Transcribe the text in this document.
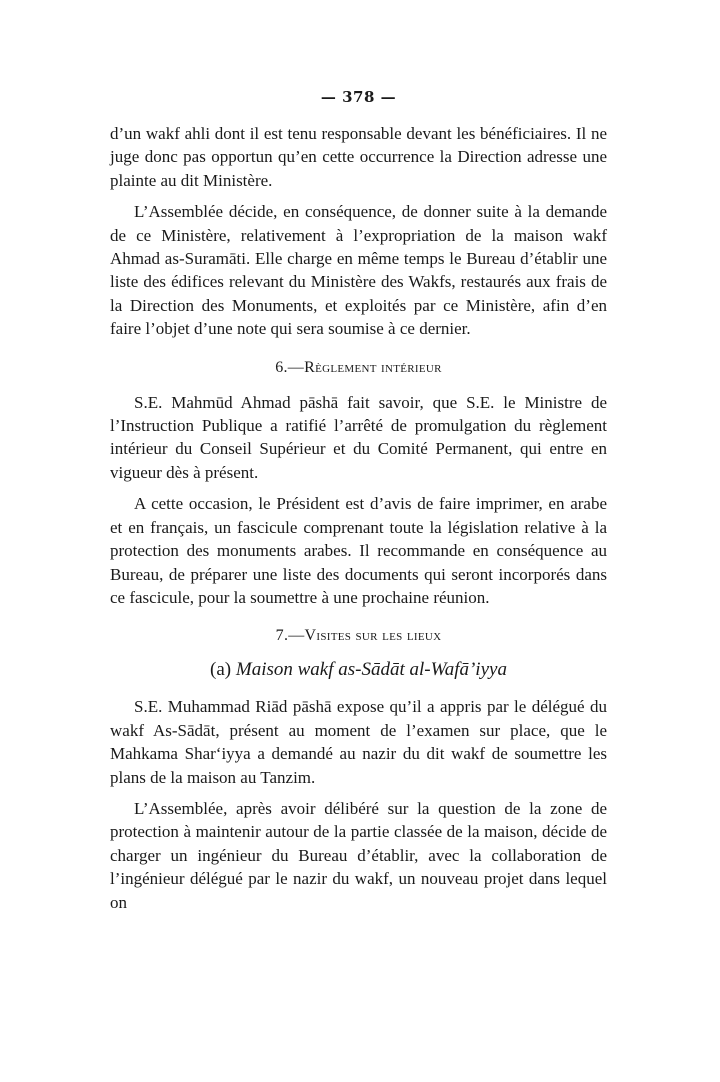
— 378 —

d’un wakf ahli dont il est tenu responsable devant les bénéficiaires. Il ne juge donc pas opportun qu’en cette occurrence la Direction adresse une plainte au dit Ministère.

L’Assemblée décide, en conséquence, de donner suite à la demande de ce Ministère, relativement à l’expropriation de la maison wakf Ahmad as-Suramāti. Elle charge en même temps le Bureau d’établir une liste des édifices relevant du Ministère des Wakfs, restaurés aux frais de la Direction des Monuments, et exploités par ce Ministère, afin d’en faire l’objet d’une note qui sera soumise à ce dernier.

6.—Règlement intérieur

S.E. Mahmūd Ahmad pāshā fait savoir, que S.E. le Ministre de l’Instruction Publique a ratifié l’arrêté de promulgation du règlement intérieur du Conseil Supérieur et du Comité Permanent, qui entre en vigueur dès à présent.

A cette occasion, le Président est d’avis de faire imprimer, en arabe et en français, un fascicule comprenant toute la législation relative à la protection des monuments arabes. Il recommande en conséquence au Bureau, de préparer une liste des documents qui seront incorporés dans ce fascicule, pour la soumettre à une prochaine réunion.

7.—Visites sur les lieux
(a) Maison wakf as-Sādāt al-Wafā’iyya

S.E. Muhammad Riād pāshā expose qu’il a appris par le délégué du wakf As-Sādāt, présent au moment de l’examen sur place, que le Mahkama Shar‘iyya a demandé au nazir du dit wakf de soumettre les plans de la maison au Tanzim.

L’Assemblée, après avoir délibéré sur la question de la zone de protection à maintenir autour de la partie classée de la maison, décide de charger un ingénieur du Bureau d’établir, avec la collaboration de l’ingénieur délégué par le nazir du wakf, un nouveau projet dans lequel on
